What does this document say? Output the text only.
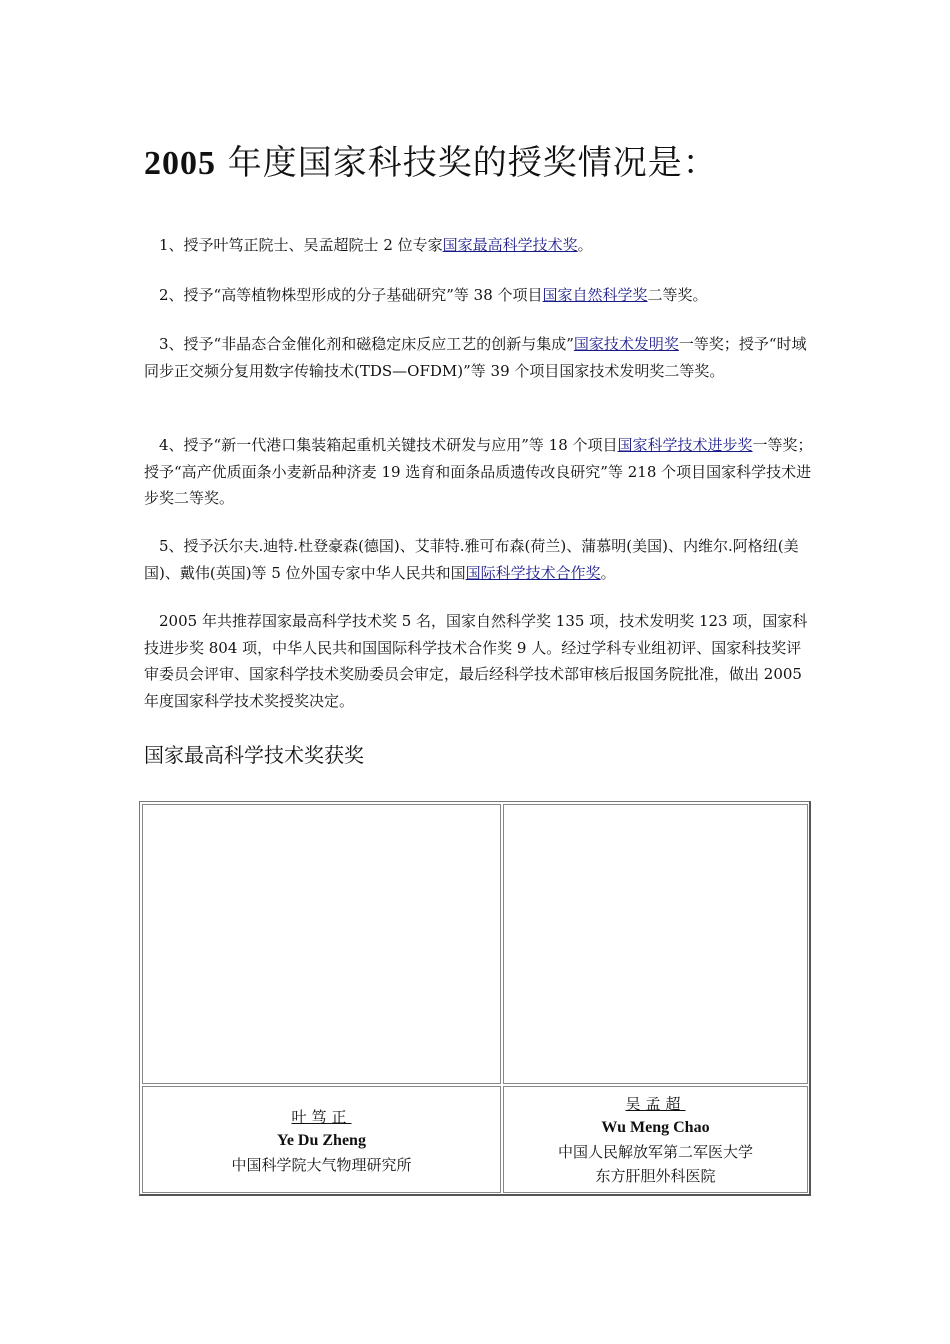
2005 年度国家科技奖的授奖情况是：

 1、授予叶笃正院士、吴孟超院士 2 位专家国家最高科学技术奖。

 2、授予“高等植物株型形成的分子基础研究”等 38 个项目国家自然科学奖二等奖。

 3、授予“非晶态合金催化剂和磁稳定床反应工艺的创新与集成”国家技术发明奖一等奖；授予“时域同步正交频分复用数字传输技术(TDS—OFDM)”等 39 个项目国家技术发明奖二等奖。

 4、授予“新一代港口集装箱起重机关键技术研发与应用”等 18 个项目国家科学技术进步奖一等奖；授予“高产优质面条小麦新品种济麦 19 选育和面条品质遗传改良研究”等 218 个项目国家科学技术进步奖二等奖。

 5、授予沃尔夫.迪特.杜登豪森(德国)、艾菲特.雅可布森(荷兰)、蒲慕明(美国)、内维尔.阿格纽(美国)、戴伟(英国)等 5 位外国专家中华人民共和国国际科学技术合作奖。

 2005 年共推荐国家最高科学技术奖 5 名，国家自然科学奖 135 项，技术发明奖 123 项，国家科技进步奖 804 项，中华人民共和国国际科学技术合作奖 9 人。经过学科专业组初评、国家科技奖评审委员会评审、国家科学技术奖励委员会审定，最后经科学技术部审核后报国务院批准，做出 2005 年度国家科学技术奖授奖决定。

国家最高科学技术奖获奖
叶笃正
Ye Du Zheng
中国科学院大气物理研究所
吴孟超
Wu Meng Chao
中国人民解放军第二军医大学
东方肝胆外科医院
